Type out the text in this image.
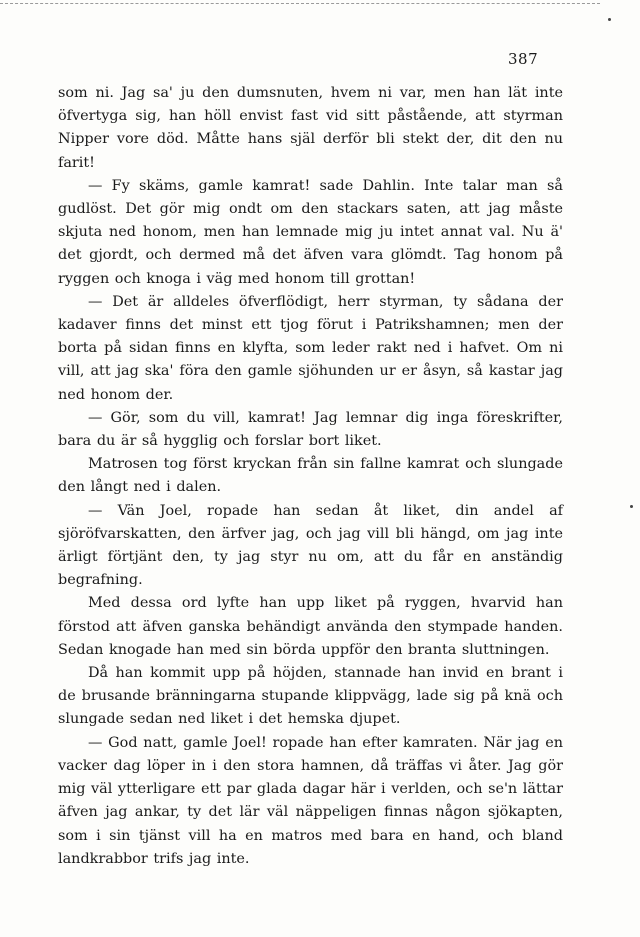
387

som ni. Jag sa' ju den dumsnuten, hvem ni var, men han lät inte öfvertyga sig, han höll envist fast vid sitt påstående, att styrman Nipper vore död. Måtte hans själ derför bli stekt der, dit den nu farit!

— Fy skäms, gamle kamrat! sade Dahlin. Inte talar man så gudlöst. Det gör mig ondt om den stackars saten, att jag måste skjuta ned honom, men han lemnade mig ju intet annat val. Nu ä' det gjordt, och dermed må det äfven vara glömdt. Tag honom på ryggen och knoga i väg med honom till grottan!

— Det är alldeles öfverflödigt, herr styrman, ty sådana der kadaver finns det minst ett tjog förut i Patrikshamnen; men der borta på sidan finns en klyfta, som leder rakt ned i hafvet. Om ni vill, att jag ska' föra den gamle sjöhunden ur er åsyn, så kastar jag ned honom der.

— Gör, som du vill, kamrat! Jag lemnar dig inga föreskrifter, bara du är så hygglig och forslar bort liket.

Matrosen tog först kryckan från sin fallne kamrat och slungade den långt ned i dalen.

— Vän Joel, ropade han sedan åt liket, din andel af sjöröfvarskatten, den ärfver jag, och jag vill bli hängd, om jag inte ärligt förtjänt den, ty jag styr nu om, att du får en anständig begrafning.

Med dessa ord lyfte han upp liket på ryggen, hvarvid han förstod att äfven ganska behändigt använda den stympade handen. Sedan knogade han med sin börda uppför den brantа sluttningen.

Då han kommit upp på höjden, stannade han invid en brant i de brusande bränningarna stupande klippvägg, lade sig på knä och slungade sedan ned liket i det hemska djupet.

— God natt, gamle Joel! ropade han efter kamraten. När jag en vacker dag löper in i den stora hamnen, då träffas vi åter. Jag gör mig väl ytterligare ett par glada dagar här i verlden, och se'n lättar äfven jag ankar, ty det lär väl näppeligen finnas någon sjökapten, som i sin tjänst vill ha en matros med bara en hand, och bland landkrabbor trifs jag inte.
